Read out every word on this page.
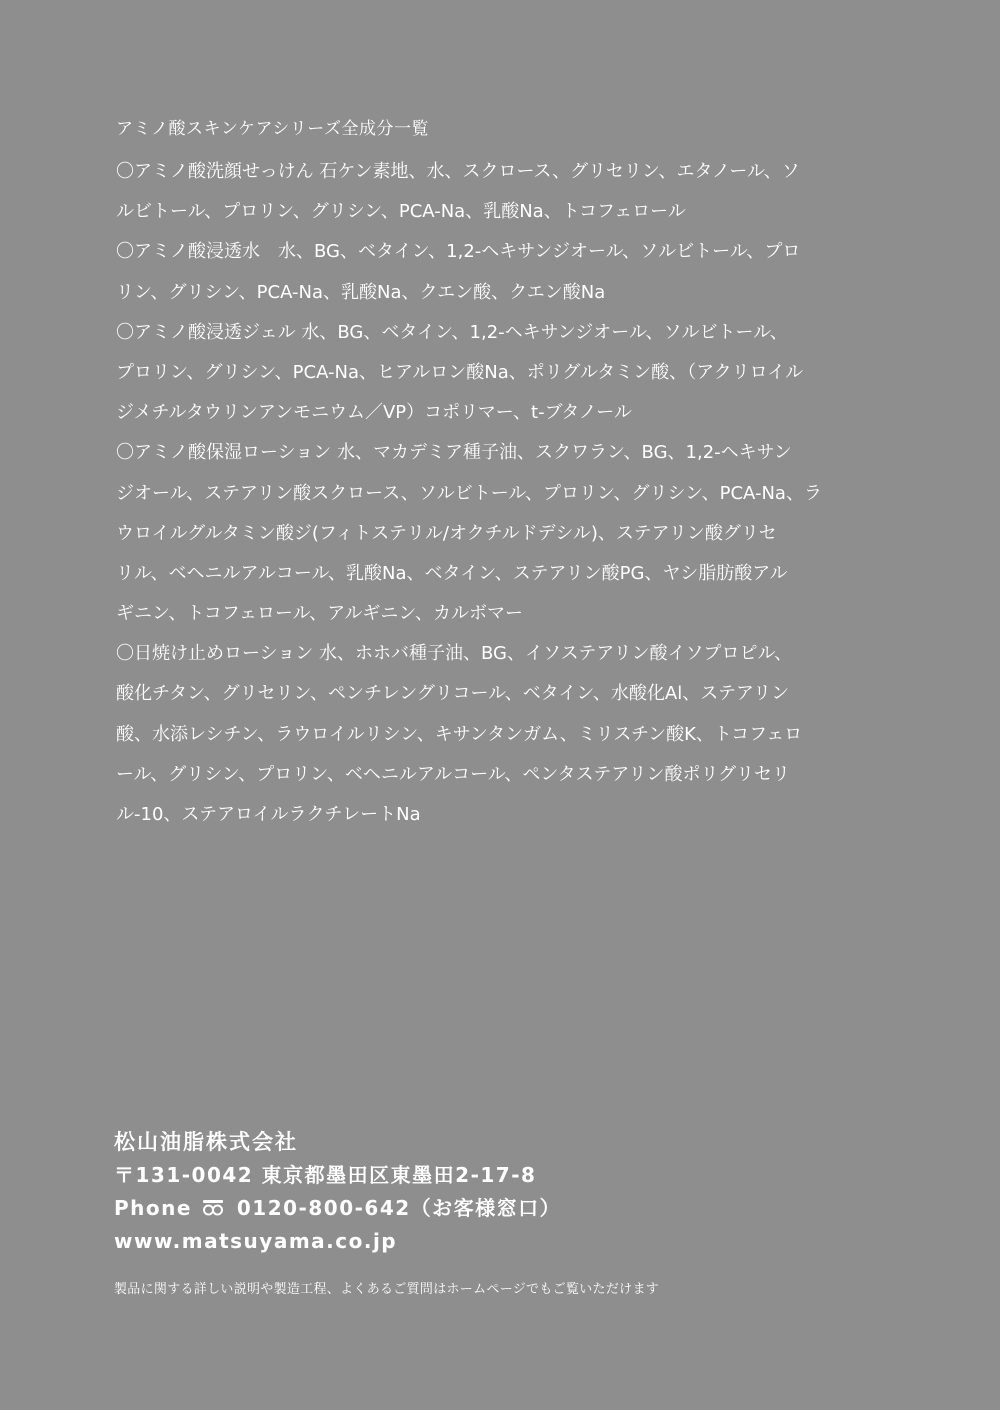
アミノ酸スキンケアシリーズ全成分一覧
〇アミノ酸洗顔せっけん 石ケン素地、水、スクロース、グリセリン、エタノール、ソ
ルビトール、プロリン、グリシン、PCA-Na、乳酸Na、トコフェロール
〇アミノ酸浸透水　水、BG、ベタイン、1,2-ヘキサンジオール、ソルビトール、プロ
リン、グリシン、PCA-Na、乳酸Na、クエン酸、クエン酸Na
〇アミノ酸浸透ジェル 水、BG、ベタイン、1,2-ヘキサンジオール、ソルビトール、
プロリン、グリシン、PCA-Na、ヒアルロン酸Na、ポリグルタミン酸、（アクリロイル
ジメチルタウリンアンモニウム／VP）コポリマー、t-ブタノール
〇アミノ酸保湿ローション 水、マカデミア種子油、スクワラン、BG、1,2-ヘキサン
ジオール、ステアリン酸スクロース、ソルビトール、プロリン、グリシン、PCA-Na、ラ
ウロイルグルタミン酸ジ(フィトステリル/オクチルドデシル)、ステアリン酸グリセ
リル、ベヘニルアルコール、乳酸Na、ベタイン、ステアリン酸PG、ヤシ脂肪酸アル
ギニン、トコフェロール、アルギニン、カルボマー
〇日焼け止めローション 水、ホホバ種子油、BG、イソステアリン酸イソプロピル、
酸化チタン、グリセリン、ペンチレングリコール、ベタイン、水酸化Al、ステアリン
酸、水添レシチン、ラウロイルリシン、キサンタンガム、ミリスチン酸K、トコフェロ
ール、グリシン、プロリン、ベヘニルアルコール、ペンタステアリン酸ポリグリセリ
ル-10、ステアロイルラクチレートNa
松山油脂株式会社
〒131-0042 東京都墨田区東墨田2-17-8
Phone 0120-800-642（お客様窓口）
www.matsuyama.co.jp
製品に関する詳しい説明や製造工程、よくあるご質問はホームページでもご覧いただけます
